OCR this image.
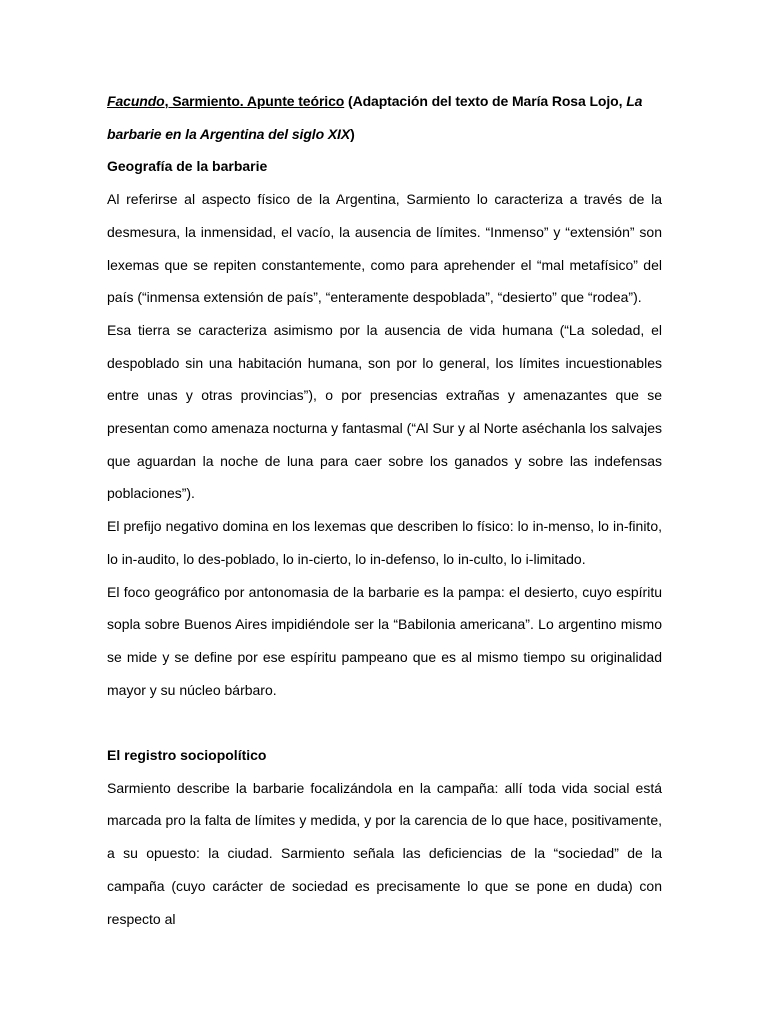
Facundo, Sarmiento. Apunte teórico (Adaptación del texto de María Rosa Lojo, La barbarie en la Argentina del siglo XIX)

Geografía de la barbarie

Al referirse al aspecto físico de la Argentina, Sarmiento lo caracteriza a través de la desmesura, la inmensidad, el vacío, la ausencia de límites. “Inmenso” y “extensión” son lexemas que se repiten constantemente, como para aprehender el “mal metafísico” del país (“inmensa extensión de país”, “enteramente despoblada”, “desierto” que “rodea”).

Esa tierra se caracteriza asimismo por la ausencia de vida humana (“La soledad, el despoblado sin una habitación humana, son por lo general, los límites incuestionables entre unas y otras provincias”), o por presencias extrañas y amenazantes que se presentan como amenaza nocturna y fantasmal (“Al Sur y al Norte aséchanla los salvajes que aguardan la noche de luna para caer sobre los ganados y sobre las indefensas poblaciones”).

El prefijo negativo domina en los lexemas que describen lo físico: lo in-menso, lo in-finito, lo in-audito, lo des-poblado, lo in-cierto, lo in-defenso, lo in-culto, lo i-limitado.

El foco geográfico por antonomasia de la barbarie es la pampa: el desierto, cuyo espíritu sopla sobre Buenos Aires impidiéndole ser la “Babilonia americana”. Lo argentino mismo se mide y se define por ese espíritu pampeano que es al mismo tiempo su originalidad mayor y su núcleo bárbaro.

El registro sociopolítico

Sarmiento describe la barbarie focalizándola en la campaña: allí toda vida social está marcada pro la falta de límites y medida, y por la carencia de lo que hace, positivamente, a su opuesto: la ciudad. Sarmiento señala las deficiencias de la “sociedad” de la campaña (cuyo carácter de sociedad es precisamente lo que se pone en duda) con respecto al
